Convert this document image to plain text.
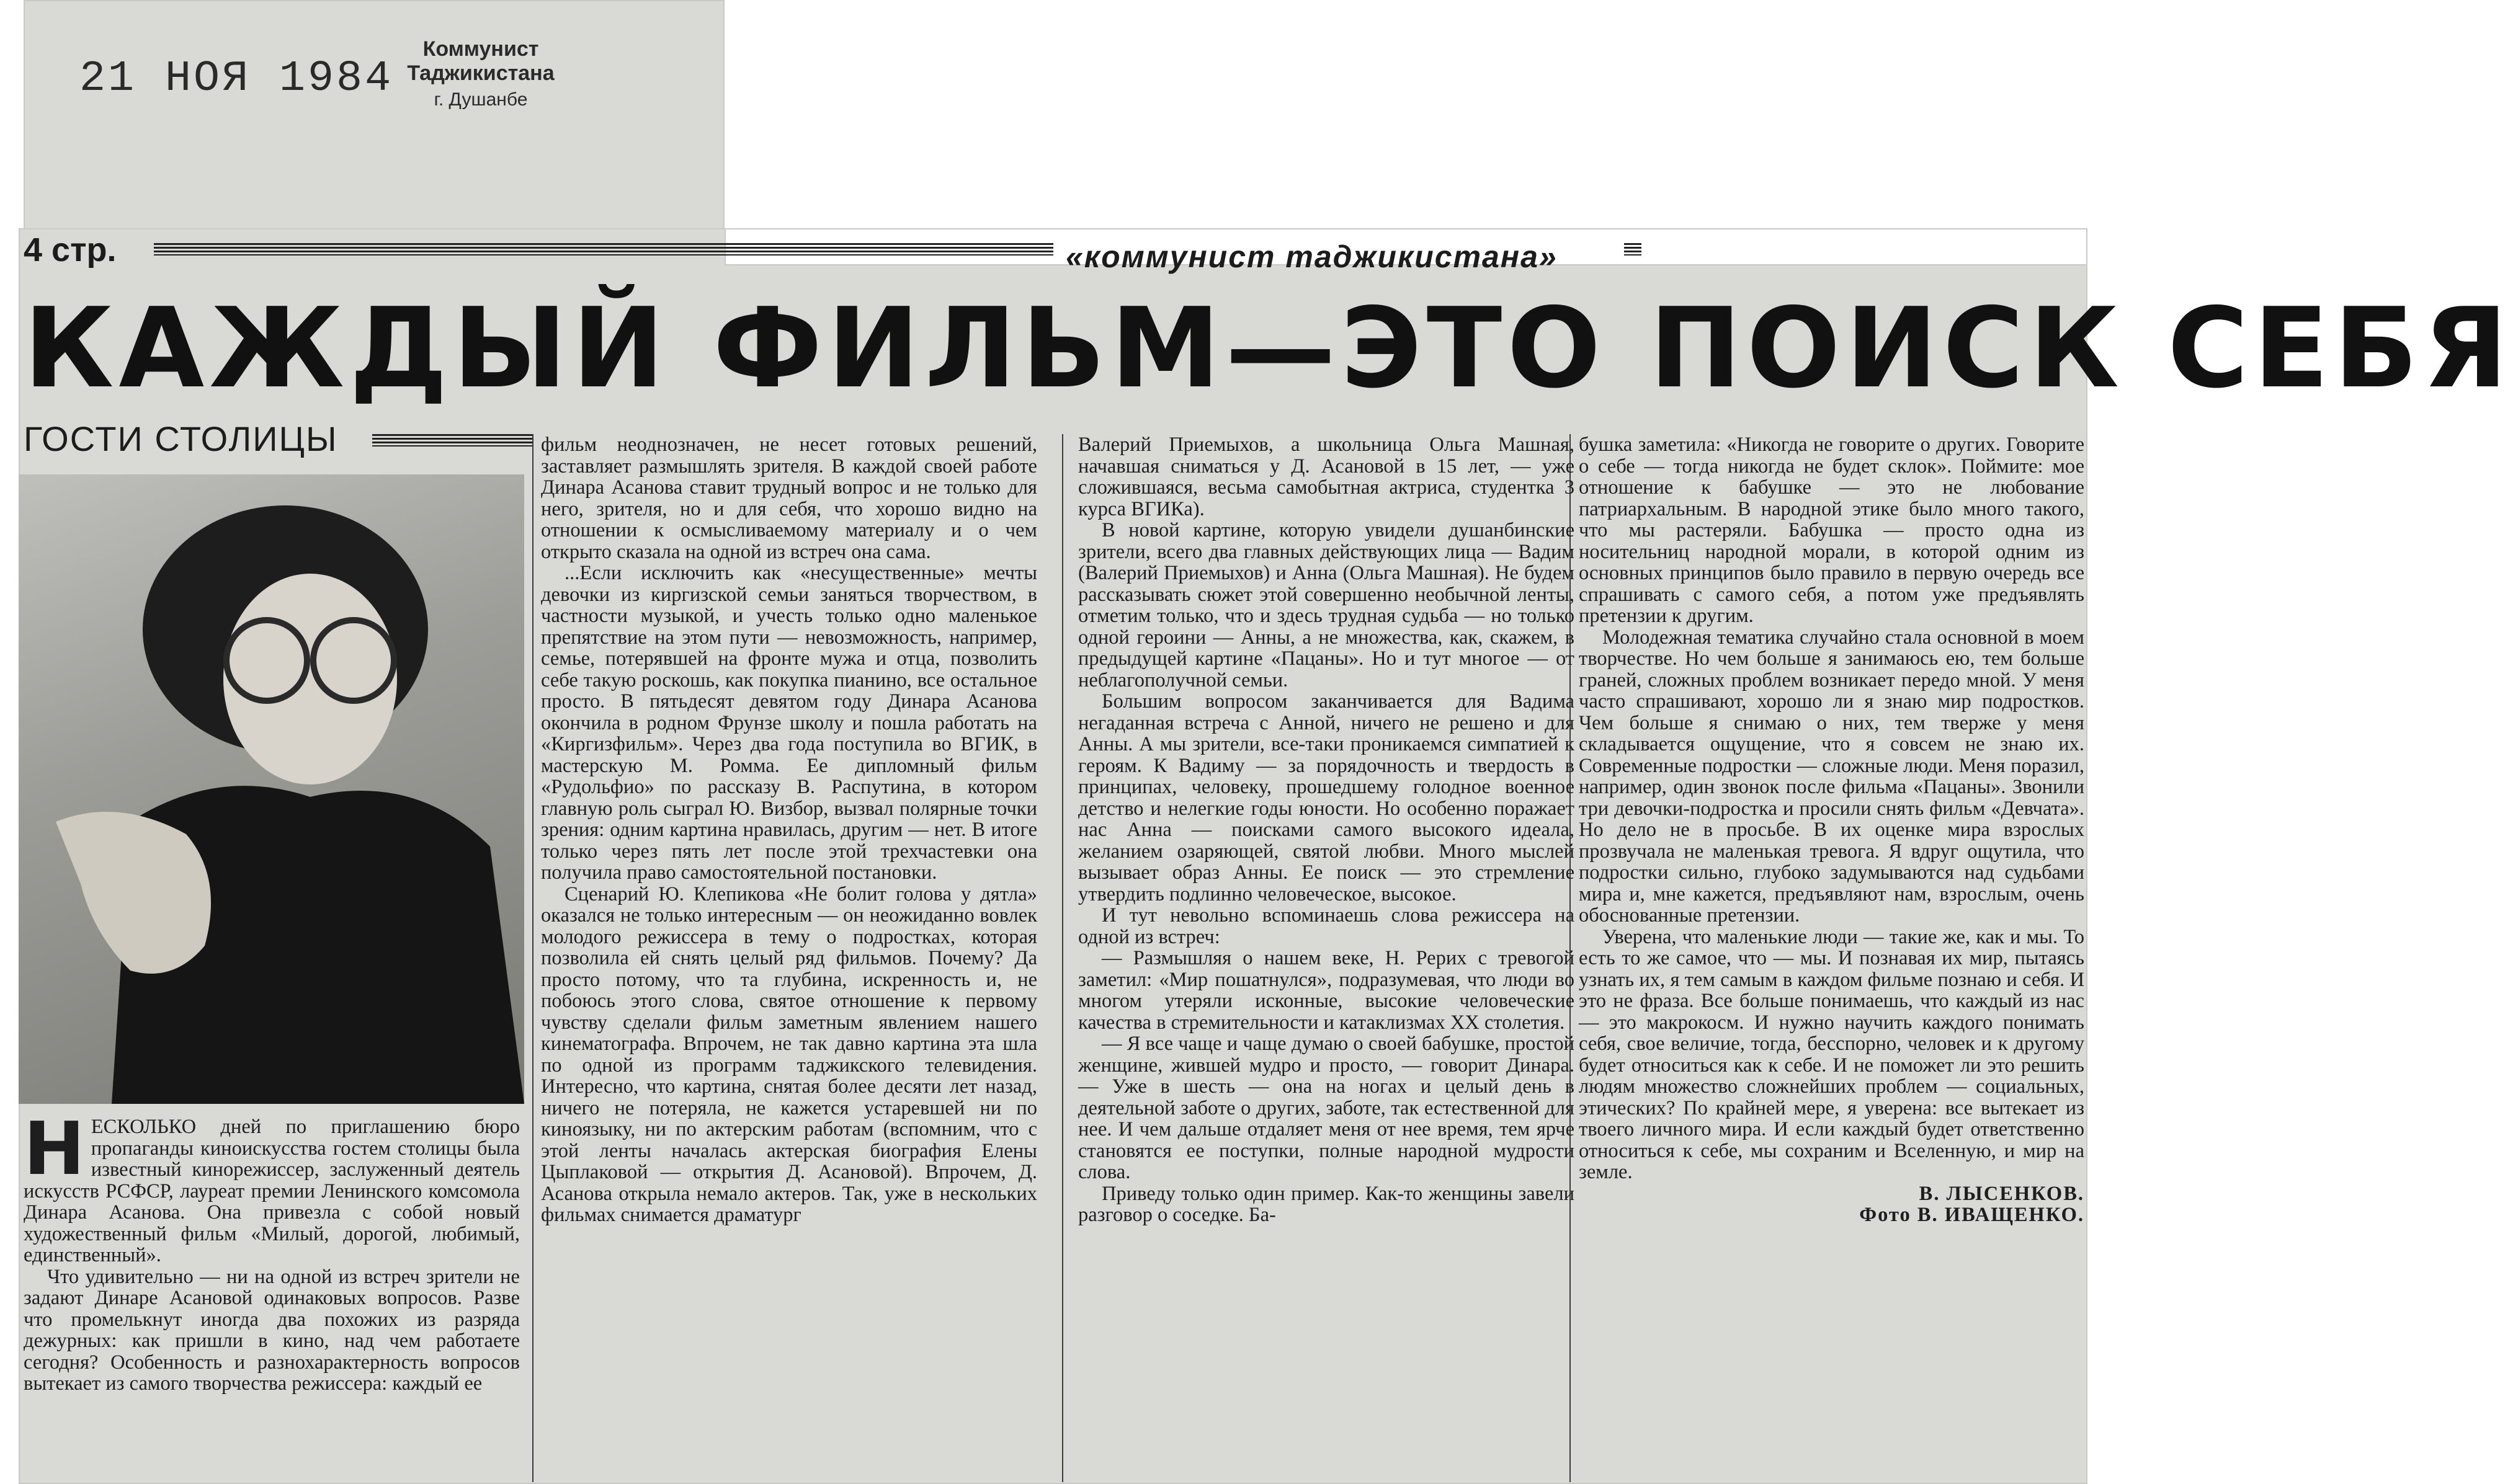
21 НОЯ 1984
Коммунист Таджикистана
г. Душанбе
4 стр.	«коммунист таджикистана»
КАЖДЫЙ ФИЛЬМ—ЭТО ПОИСК СЕБЯ
ГОСТИ СТОЛИЦЫ

НЕСКОЛЬКО дней по приглашению бюро пропаганды киноискусства гостем столицы была известный кинорежиссер, заслуженный деятель искусств РСФСР, лауреат премии Ленинского комсомола Динара Асанова. Она привезла с собой новый художественный фильм «Милый, дорогой, любимый, единственный».

Что удивительно — ни на одной из встреч зрители не задают Динаре Асановой одинаковых вопросов. Разве что промелькнут иногда два похожих из разряда дежурных: как пришли в кино, над чем работаете сегодня? Особенность и разнохарактерность вопросов вытекает из самого творчества режиссера: каждый ее

фильм неоднозначен, не несет готовых решений, заставляет размышлять зрителя. В каждой своей работе Динара Асанова ставит трудный вопрос и не только для него, зрителя, но и для себя, что хорошо видно на отношении к осмысливаемому материалу и о чем открыто сказала на одной из встреч она сама.

...Если исключить как «несущественные» мечты девочки из киргизской семьи заняться творчеством, в частности музыкой, и учесть только одно маленькое препятствие на этом пути — невозможность, например, семье, потерявшей на фронте мужа и отца, позволить себе такую роскошь, как покупка пианино, все остальное просто. В пятьдесят девятом году Динара Асанова окончила в родном Фрунзе школу и пошла работать на «Киргизфильм». Через два года поступила во ВГИК, в мастерскую М. Ромма. Ее дипломный фильм «Рудольфио» по рассказу В. Распутина, в котором главную роль сыграл Ю. Визбор, вызвал полярные точки зрения: одним картина нравилась, другим — нет. В итоге только через пять лет после этой трехчастевки она получила право самостоятельной постановки.

Сценарий Ю. Клепикова «Не болит голова у дятла» оказался не только интересным — он неожиданно вовлек молодого режиссера в тему о подростках, которая позволила ей снять целый ряд фильмов. Почему? Да просто потому, что та глубина, искренность и, не побоюсь этого слова, святое отношение к первому чувству сделали фильм заметным явлением нашего кинематографа. Впрочем, не так давно картина эта шла по одной из программ таджикского телевидения. Интересно, что картина, снятая более десяти лет назад, ничего не потеряла, не кажется устаревшей ни по киноязыку, ни по актерским работам (вспомним, что с этой ленты началась актерская биография Елены Цыплаковой — открытия Д. Асановой). Впрочем, Д. Асанова открыла немало актеров. Так, уже в нескольких фильмах снимается драматург

Валерий Приемыхов, а школьница Ольга Машная, начавшая сниматься у Д. Асановой в 15 лет, — уже сложившаяся, весьма самобытная актриса, студентка 3 курса ВГИКа).

В новой картине, которую увидели душанбинские зрители, всего два главных действующих лица — Вадим (Валерий Приемыхов) и Анна (Ольга Машная). Не будем рассказывать сюжет этой совершенно необычной ленты, отметим только, что и здесь трудная судьба — но только одной героини — Анны, а не множества, как, скажем, в предыдущей картине «Пацаны». Но и тут многое — от неблагополучной семьи.

Большим вопросом заканчивается для Вадима негаданная встреча с Анной, ничего не решено и для Анны. А мы зрители, все-таки проникаемся симпатией к героям. К Вадиму — за порядочность и твердость в принципах, человеку, прошедшему голодное военное детство и нелегкие годы юности. Но особенно поражает нас Анна — поисками самого высокого идеала, желанием озаряющей, святой любви. Много мыслей вызывает образ Анны. Ее поиск — это стремление утвердить подлинно человеческое, высокое.

И тут невольно вспоминаешь слова режиссера на одной из встреч:

— Размышляя о нашем веке, Н. Рерих с тревогой заметил: «Мир пошатнулся», подразумевая, что люди во многом утеряли исконные, высокие человеческие качества в стремительности и катаклизмах XX столетия.

— Я все чаще и чаще думаю о своей бабушке, простой женщине, жившей мудро и просто, — говорит Динара. — Уже в шесть — она на ногах и целый день в деятельной заботе о других, заботе, так естественной для нее. И чем дальше отдаляет меня от нее время, тем ярче становятся ее поступки, полные народной мудрости слова.

Приведу только один пример. Как-то женщины завели разговор о соседке. Ба-

бушка заметила: «Никогда не говорите о других. Говорите о себе — тогда никогда не будет склок». Поймите: мое отношение к бабушке — это не любование патриархальным. В народной этике было много такого, что мы растеряли. Бабушка — просто одна из носительниц народной морали, в которой одним из основных принципов было правило в первую очередь все спрашивать с самого себя, а потом уже предъявлять претензии к другим.

Молодежная тематика случайно стала основной в моем творчестве. Но чем больше я занимаюсь ею, тем больше граней, сложных проблем возникает передо мной. У меня часто спрашивают, хорошо ли я знаю мир подростков. Чем больше я снимаю о них, тем тверже у меня складывается ощущение, что я совсем не знаю их. Современные подростки — сложные люди. Меня поразил, например, один звонок после фильма «Пацаны». Звонили три девочки-подростка и просили снять фильм «Девчата». Но дело не в просьбе. В их оценке мира взрослых прозвучала не маленькая тревога. Я вдруг ощутила, что подростки сильно, глубоко задумываются над судьбами мира и, мне кажется, предъявляют нам, взрослым, очень обоснованные претензии.

Уверена, что маленькие люди — такие же, как и мы. То есть то же самое, что — мы. И познавая их мир, пытаясь узнать их, я тем самым в каждом фильме познаю и себя. И это не фраза. Все больше понимаешь, что каждый из нас — это макрокосм. И нужно научить каждого понимать себя, свое величие, тогда, бесспорно, человек и к другому будет относиться как к себе. И не поможет ли это решить людям множество сложнейших проблем — социальных, этических? По крайней мере, я уверена: все вытекает из твоего личного мира. И если каждый будет ответственно относиться к себе, мы сохраним и Вселенную, и мир на земле.

В. ЛЫСЕНКОВ.

Фото В. ИВАЩЕНКО.
